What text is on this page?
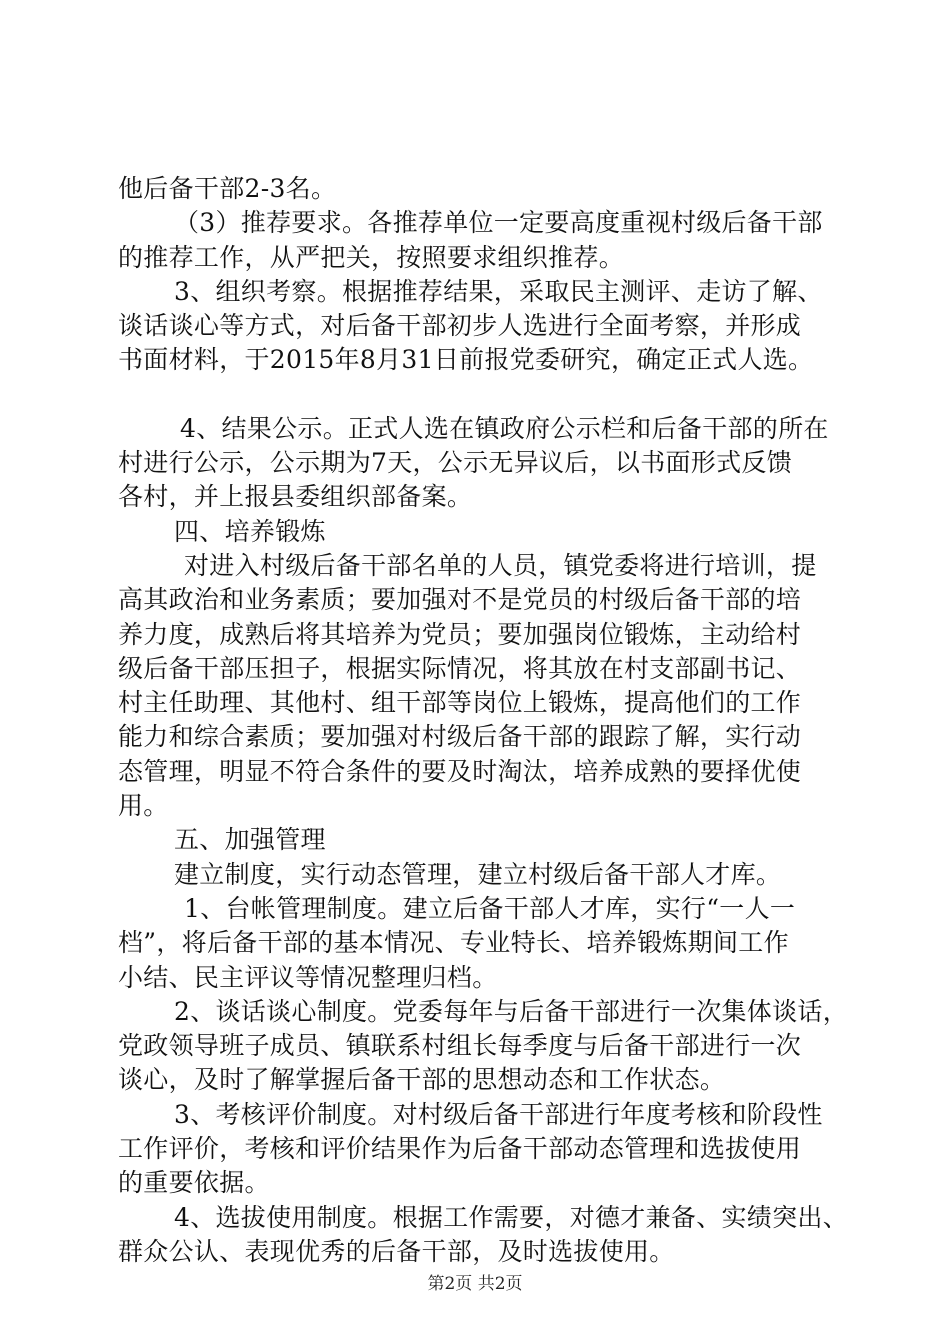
他后备干部2-3名。
（3）推荐要求。各推荐单位一定要高度重视村级后备干部
的推荐工作，从严把关，按照要求组织推荐。
3、组织考察。根据推荐结果，采取民主测评、走访了解、
谈话谈心等方式，对后备干部初步人选进行全面考察，并形成
书面材料，于2015年8月31日前报党委研究，确定正式人选。
4、结果公示。正式人选在镇政府公示栏和后备干部的所在
村进行公示，公示期为7天，公示无异议后，以书面形式反馈
各村，并上报县委组织部备案。
四、培养锻炼
对进入村级后备干部名单的人员，镇党委将进行培训，提
高其政治和业务素质；要加强对不是党员的村级后备干部的培
养力度，成熟后将其培养为党员；要加强岗位锻炼，主动给村
级后备干部压担子，根据实际情况，将其放在村支部副书记、
村主任助理、其他村、组干部等岗位上锻炼，提高他们的工作
能力和综合素质；要加强对村级后备干部的跟踪了解，实行动
态管理，明显不符合条件的要及时淘汰，培养成熟的要择优使
用。
五、加强管理
建立制度，实行动态管理，建立村级后备干部人才库。
1、台帐管理制度。建立后备干部人才库，实行“一人一
档”，将后备干部的基本情况、专业特长、培养锻炼期间工作
小结、民主评议等情况整理归档。
2、谈话谈心制度。党委每年与后备干部进行一次集体谈话，
党政领导班子成员、镇联系村组长每季度与后备干部进行一次
谈心，及时了解掌握后备干部的思想动态和工作状态。
3、考核评价制度。对村级后备干部进行年度考核和阶段性
工作评价，考核和评价结果作为后备干部动态管理和选拔使用
的重要依据。
4、选拔使用制度。根据工作需要，对德才兼备、实绩突出、
群众公认、表现优秀的后备干部，及时选拔使用。
第2页 共2页
